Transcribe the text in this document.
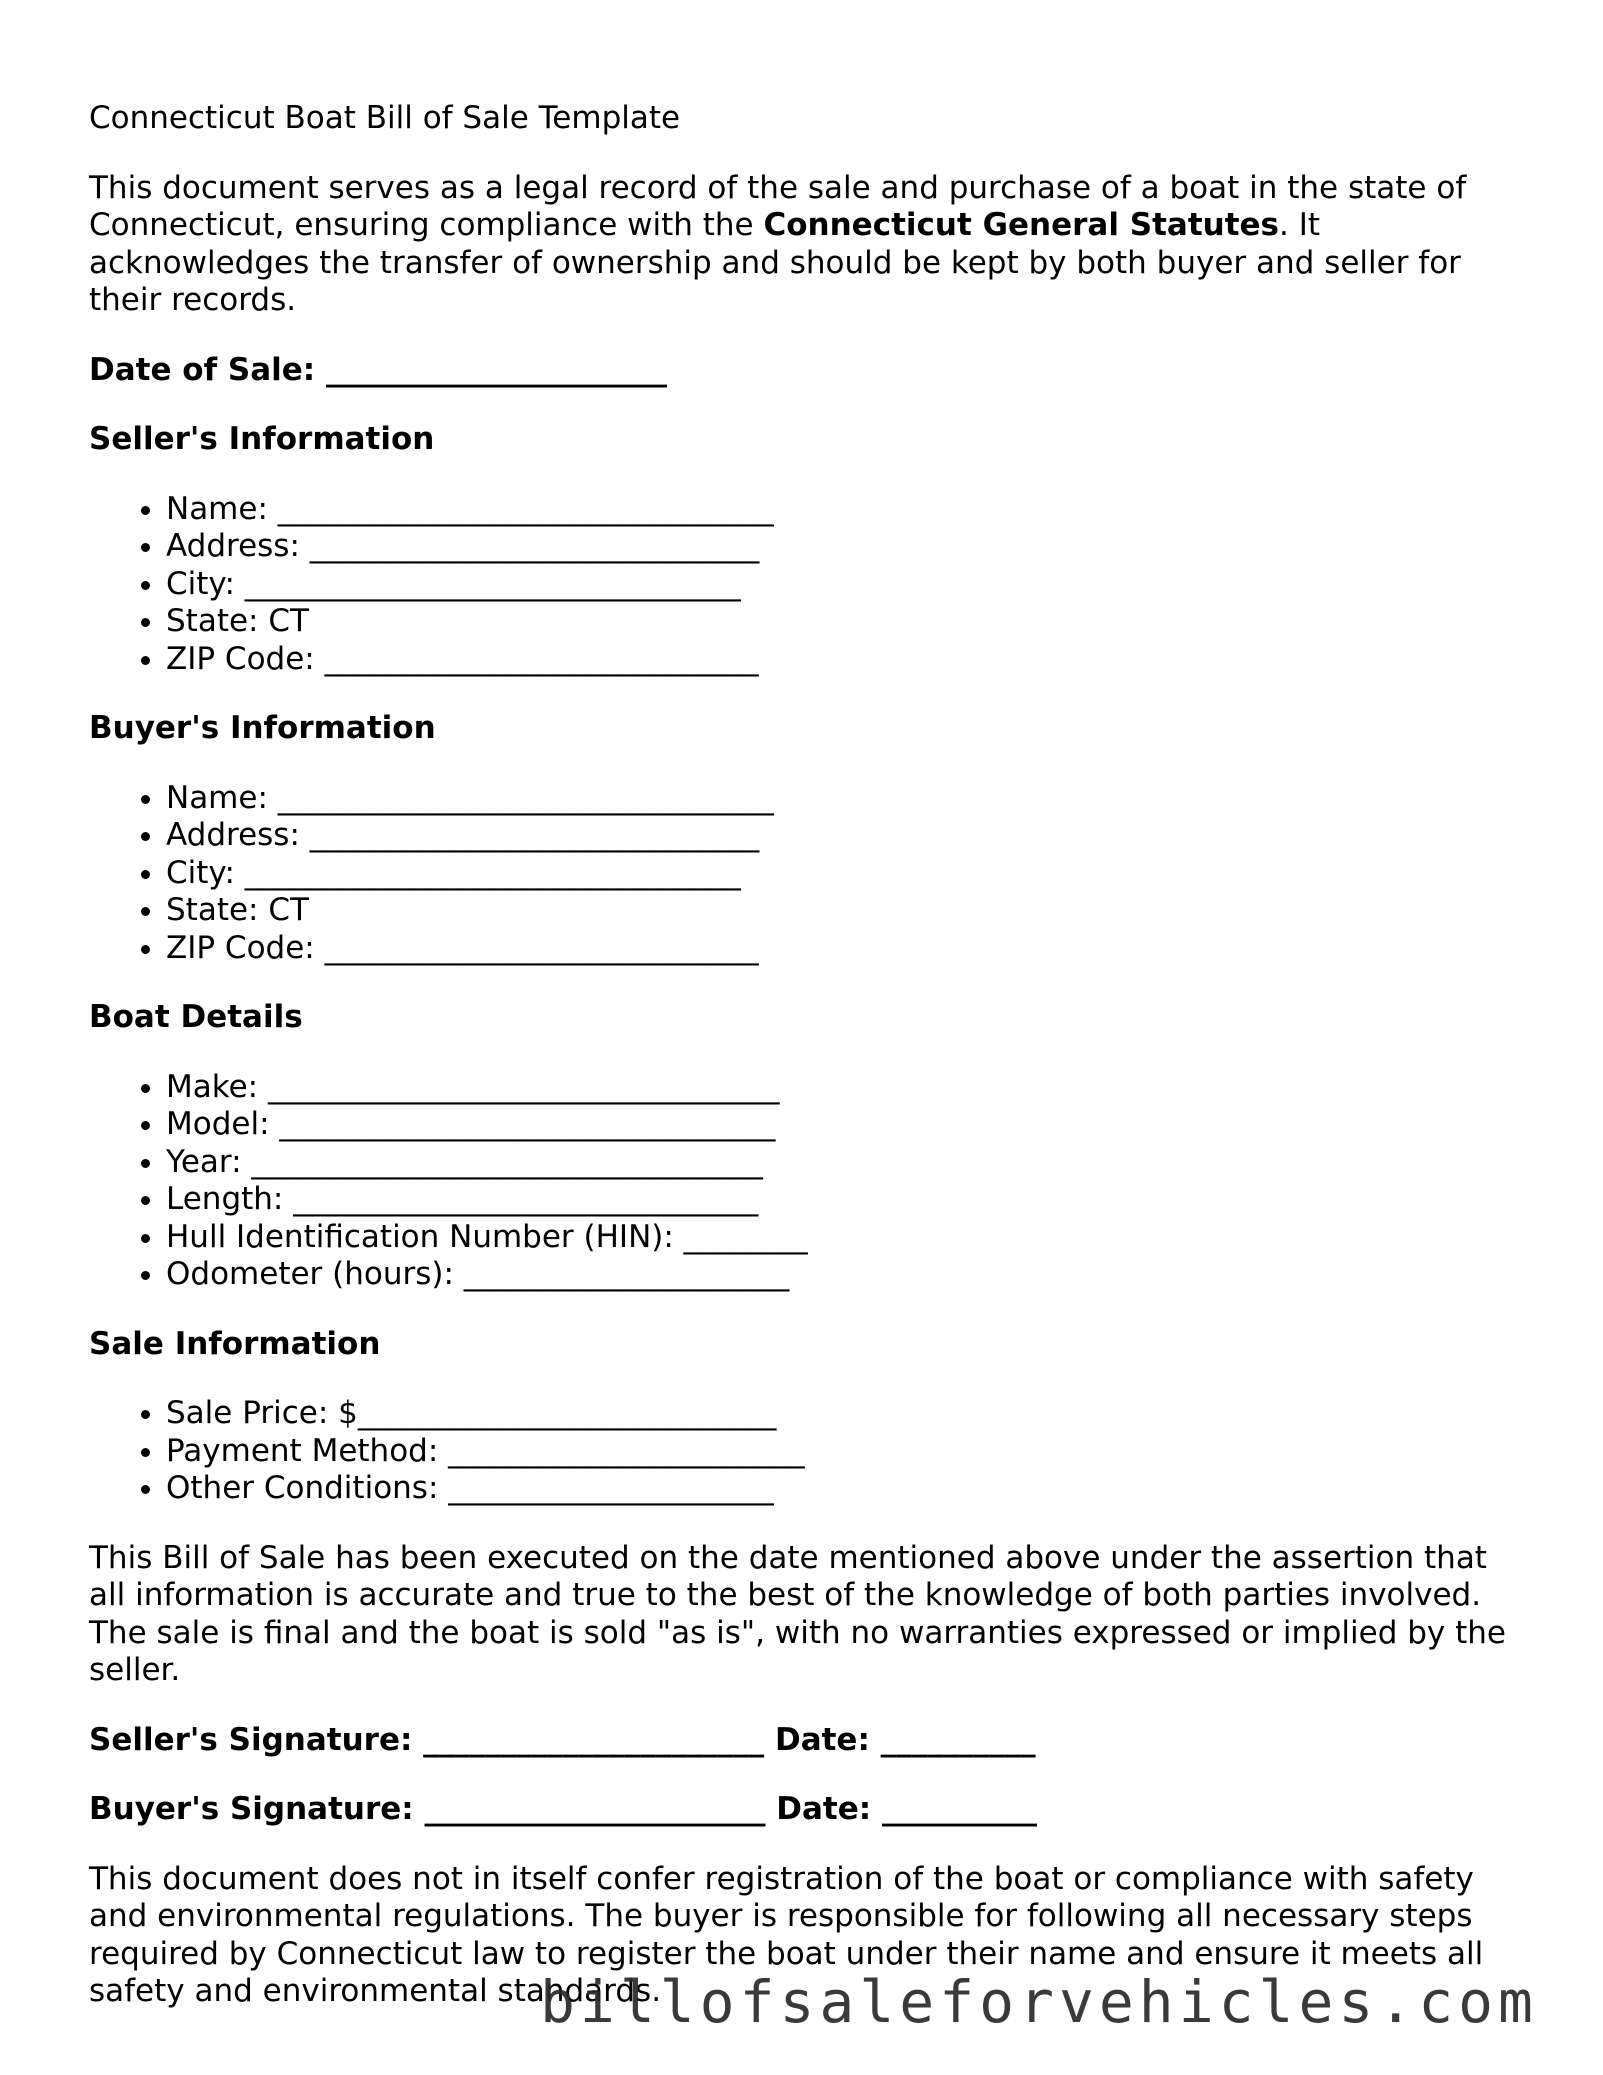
Connecticut Boat Bill of Sale Template

This document serves as a legal record of the sale and purchase of a boat in the state of Connecticut, ensuring compliance with the Connecticut General Statutes. It acknowledges the transfer of ownership and should be kept by both buyer and seller for their records.

Date of Sale: ______________________

Seller's Information

• Name: ________________________________
• Address: _____________________________
• City: ________________________________
• State: CT
• ZIP Code: ____________________________

Buyer's Information

• Name: ________________________________
• Address: _____________________________
• City: ________________________________
• State: CT
• ZIP Code: ____________________________

Boat Details

• Make: _________________________________
• Model: ________________________________
• Year: _________________________________
• Length: ______________________________
• Hull Identification Number (HIN): ________
• Odometer (hours): _____________________

Sale Information

• Sale Price: $___________________________
• Payment Method: _______________________
• Other Conditions: _____________________

This Bill of Sale has been executed on the date mentioned above under the assertion that all information is accurate and true to the best of the knowledge of both parties involved. The sale is final and the boat is sold "as is", with no warranties expressed or implied by the seller.

Seller's Signature: ______________________ Date: __________

Buyer's Signature: ______________________ Date: __________

This document does not in itself confer registration of the boat or compliance with safety and environmental regulations. The buyer is responsible for following all necessary steps required by Connecticut law to register the boat under their name and ensure it meets all safety and environmental standards.

billofsaleforvehicles.com
